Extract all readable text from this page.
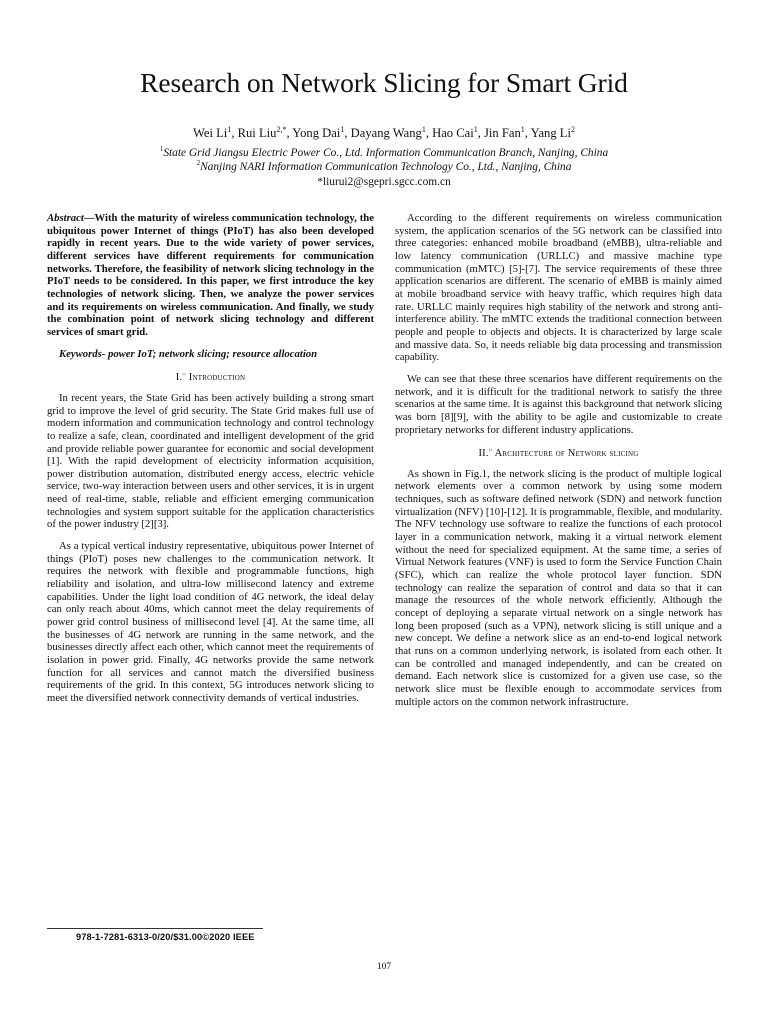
Research on Network Slicing for Smart Grid
Wei Li$^1$, Rui Liu$^{2,*}$, Yong Dai$^1$, Dayang Wang$^1$, Hao Cai$^1$, Jin Fan$^1$, Yang Li$^2$
$^1$State Grid Jiangsu Electric Power Co., Ltd. Information Communication Branch, Nanjing, China
$^2$Nanjing NARI Information Communication Technology Co., Ltd., Nanjing, China
*liurui2@sgepri.sgcc.com.cn

Abstract—With the maturity of wireless communication technology, the ubiquitous power Internet of things (PIoT) has also been developed rapidly in recent years. Due to the wide variety of power services, different services have different requirements for communication networks. Therefore, the feasibility of network slicing technology in the PIoT needs to be considered. In this paper, we first introduce the key technologies of network slicing. Then, we analyze the power services and its requirements on wireless communication. And finally, we study the combination point of network slicing technology and different services of smart grid.

Keywords- power IoT; network slicing; resource allocation

I.¨ Introduction

In recent years, the State Grid has been actively building a strong smart grid to improve the level of grid security. The State Grid makes full use of modern information and communication technology and control technology to realize a safe, clean, coordinated and intelligent development of the grid and provide reliable power guarantee for economic and social development [1]. With the rapid development of electricity information acquisition, power distribution automation, distributed energy access, electric vehicle service, two-way interaction between users and other services, it is in urgent need of real-time, stable, reliable and efficient emerging communication technologies and system support suitable for the application characteristics of the power industry [2][3].

As a typical vertical industry representative, ubiquitous power Internet of things (PIoT) poses new challenges to the communication network. It requires the network with flexible and programmable functions, high reliability and isolation, and ultra-low millisecond latency and extreme capabilities. Under the light load condition of 4G network, the ideal delay can only reach about 40ms, which cannot meet the delay requirements of power grid control business of millisecond level [4]. At the same time, all the businesses of 4G network are running in the same network, and the businesses directly affect each other, which cannot meet the requirements of isolation in power grid. Finally, 4G networks provide the same network function for all services and cannot match the diversified business requirements of the grid. In this context, 5G introduces network slicing to meet the diversified network connectivity demands of vertical industries.

According to the different requirements on wireless communication system, the application scenarios of the 5G network can be classified into three categories: enhanced mobile broadband (eMBB), ultra-reliable and low latency communication (URLLC) and massive machine type communication (mMTC) [5]-[7]. The service requirements of these three application scenarios are different. The scenario of eMBB is mainly aimed at mobile broadband service with heavy traffic, which requires high data rate. URLLC mainly requires high stability of the network and strong anti-interference ability. The mMTC extends the traditional connection between people and people to objects and objects. It is characterized by large scale and massive data. So, it needs reliable big data processing and transmission capability.

We can see that these three scenarios have different requirements on the network, and it is difficult for the traditional network to satisfy the three scenarios at the same time. It is against this background that network slicing was born [8][9], with the ability to be agile and customizable to create proprietary networks for different industry applications.

II.¨ Architecture of Network slicing

As shown in Fig.1, the network slicing is the product of multiple logical network elements over a common network by using some modern techniques, such as software defined network (SDN) and network function virtualization (NFV) [10]-[12]. It is programmable, flexible, and modularity. The NFV technology use software to realize the functions of each protocol layer in a communication network, making it a virtual network element without the need for specialized equipment. At the same time, a series of Virtual Network features (VNF) is used to form the Service Function Chain (SFC), which can realize the whole protocol layer function. SDN technology can realize the separation of control and data so that it can manage the resources of the whole network efficiently. Although the concept of deploying a separate virtual network on a single network has long been proposed (such as a VPN), network slicing is still unique and a new concept. We define a network slice as an end-to-end logical network that runs on a common underlying network, is isolated from each other. It can be controlled and managed independently, and can be created on demand. Each network slice is customized for a given use case, so the network slice must be flexible enough to accommodate services from multiple actors on the common network infrastructure.

978-1-7281-6313-0/20/$31.00©2020 IEEE
107
